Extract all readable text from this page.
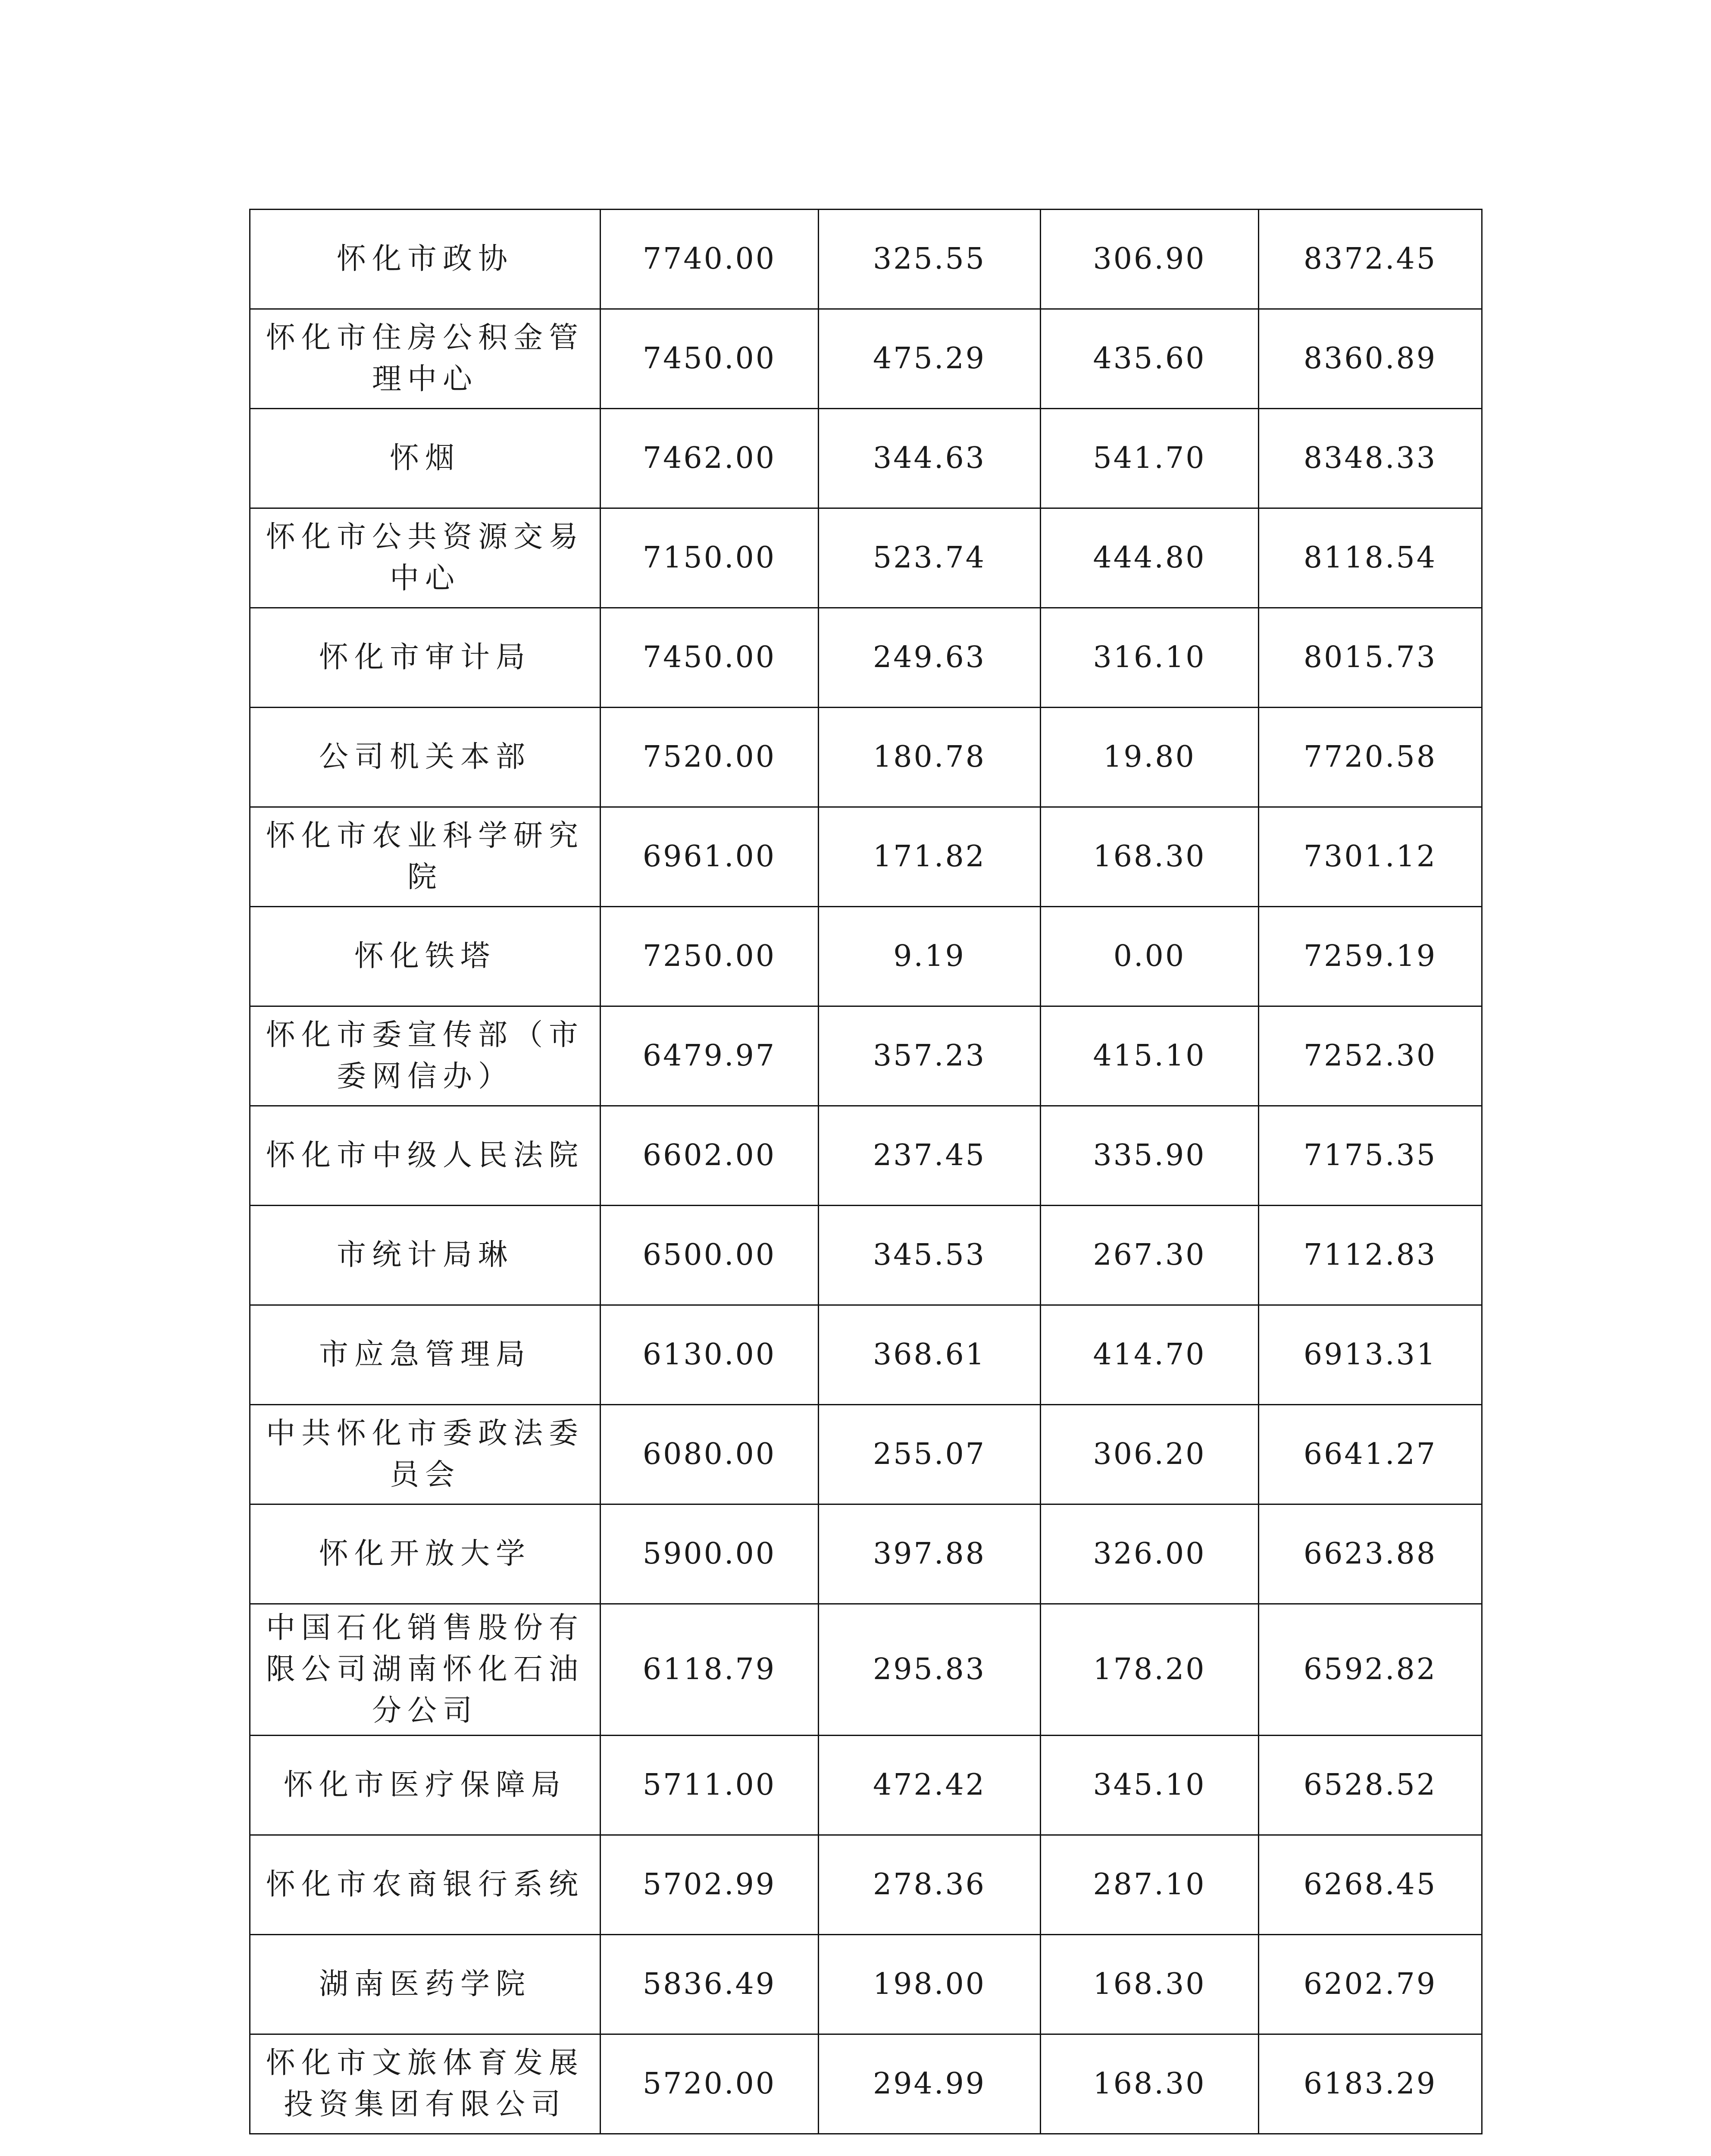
怀化市政协	7740.00	325.55	306.90	8372.45
怀化市住房公积金管理中心	7450.00	475.29	435.60	8360.89
怀烟	7462.00	344.63	541.70	8348.33
怀化市公共资源交易中心	7150.00	523.74	444.80	8118.54
怀化市审计局	7450.00	249.63	316.10	8015.73
公司机关本部	7520.00	180.78	19.80	7720.58
怀化市农业科学研究院	6961.00	171.82	168.30	7301.12
怀化铁塔	7250.00	9.19	0.00	7259.19
怀化市委宣传部（市委网信办）	6479.97	357.23	415.10	7252.30
怀化市中级人民法院	6602.00	237.45	335.90	7175.35
市统计局琳	6500.00	345.53	267.30	7112.83
市应急管理局	6130.00	368.61	414.70	6913.31
中共怀化市委政法委员会	6080.00	255.07	306.20	6641.27
怀化开放大学	5900.00	397.88	326.00	6623.88
中国石化销售股份有限公司湖南怀化石油分公司	6118.79	295.83	178.20	6592.82
怀化市医疗保障局	5711.00	472.42	345.10	6528.52
怀化市农商银行系统	5702.99	278.36	287.10	6268.45
湖南医药学院	5836.49	198.00	168.30	6202.79
怀化市文旅体育发展投资集团有限公司	5720.00	294.99	168.30	6183.29
